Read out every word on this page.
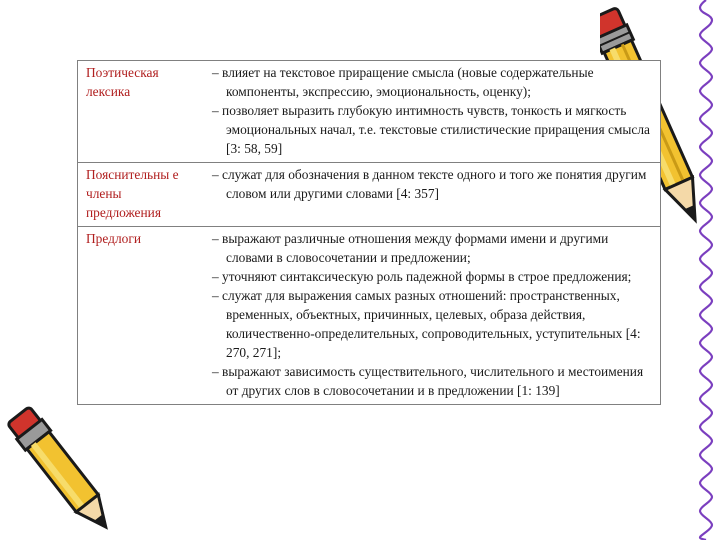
Поэтическая лексика	– влияет на текстовое приращение смысла (новые содержательные компоненты, экспрессию, эмоциональность, оценку);
– позволяет выразить глубокую интимность чувств, тонкость и мягкость эмоциональных начал, т.е. текстовые стилистические приращения смысла [3: 58, 59]

Пояснительны е члены предложения	– служат для обозначения в данном тексте одного и того же понятия другим словом или другими словами [4: 357]

Предлоги	– выражают различные отношения между формами имени и другими словами в словосочетании и предложении;
– уточняют синтаксическую роль падежной формы в строе предложения;
– служат для выражения самых разных отношений: пространственных, временных, объектных, причинных, целевых, образа действия, количественно-определительных, сопроводительных, уступительных [4: 270, 271];
– выражают зависимость существительного, числительного и местоимения от других слов в словосочетании и в предложении [1: 139]
